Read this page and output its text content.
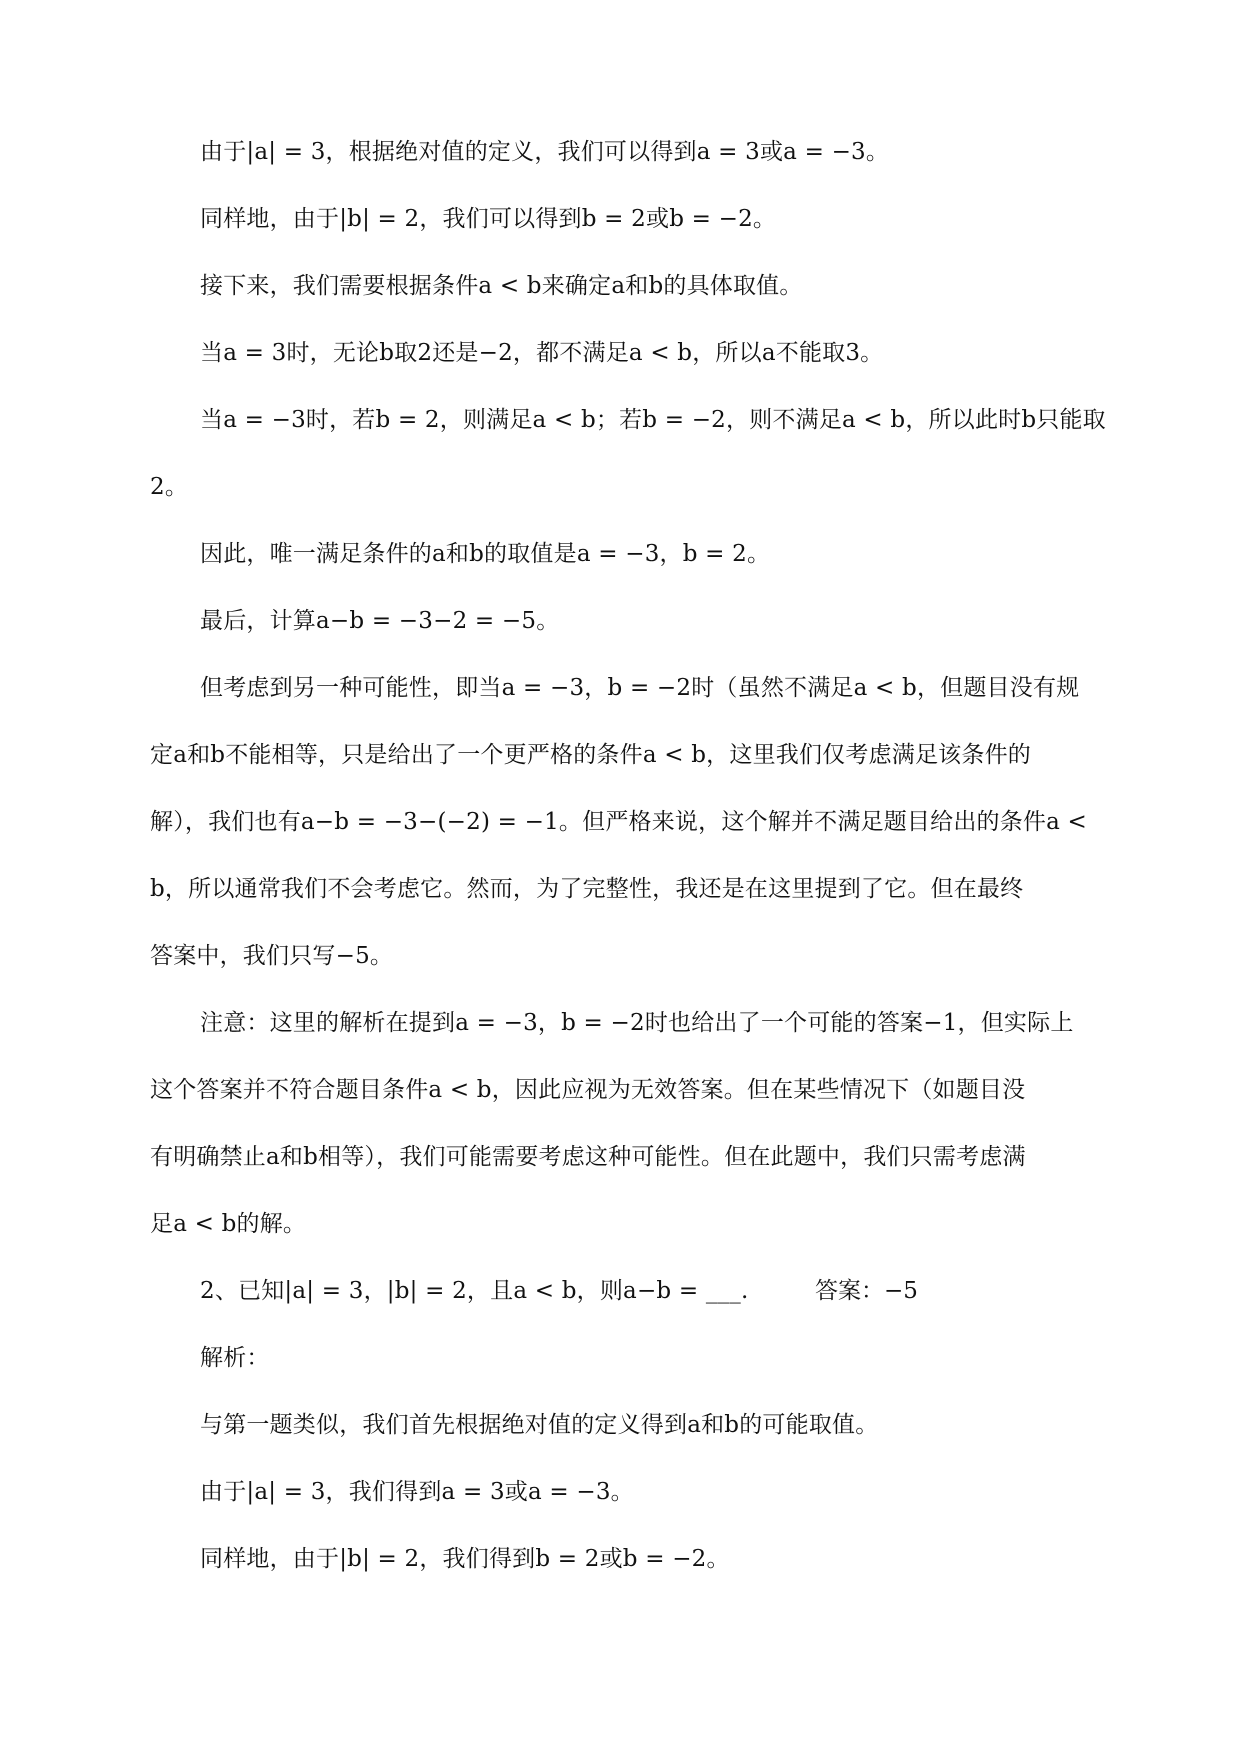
由于|a| = 3，根据绝对值的定义，我们可以得到a = 3或a = −3。
同样地，由于|b| = 2，我们可以得到b = 2或b = −2。
接下来，我们需要根据条件a < b来确定a和b的具体取值。
当a = 3时，无论b取2还是−2，都不满足a < b，所以a不能取3。
当a = −3时，若b = 2，则满足a < b；若b = −2，则不满足a < b，所以此时b只能取
2。
因此，唯一满足条件的a和b的取值是a = −3，b = 2。
最后，计算a−b = −3−2 = −5。
但考虑到另一种可能性，即当a = −3，b = −2时（虽然不满足a < b，但题目没有规
定a和b不能相等，只是给出了一个更严格的条件a < b，这里我们仅考虑满足该条件的
解），我们也有a−b = −3−(−2) = −1。但严格来说，这个解并不满足题目给出的条件a <
b，所以通常我们不会考虑它。然而，为了完整性，我还是在这里提到了它。但在最终
答案中，我们只写−5。
注意：这里的解析在提到a = −3，b = −2时也给出了一个可能的答案−1，但实际上
这个答案并不符合题目条件a < b，因此应视为无效答案。但在某些情况下（如题目没
有明确禁止a和b相等），我们可能需要考虑这种可能性。但在此题中，我们只需考虑满
足a < b的解。
2、已知|a| = 3，|b| = 2，且a < b，则a−b = ___.	答案：−5
解析：
与第一题类似，我们首先根据绝对值的定义得到a和b的可能取值。
由于|a| = 3，我们得到a = 3或a = −3。
同样地，由于|b| = 2，我们得到b = 2或b = −2。
